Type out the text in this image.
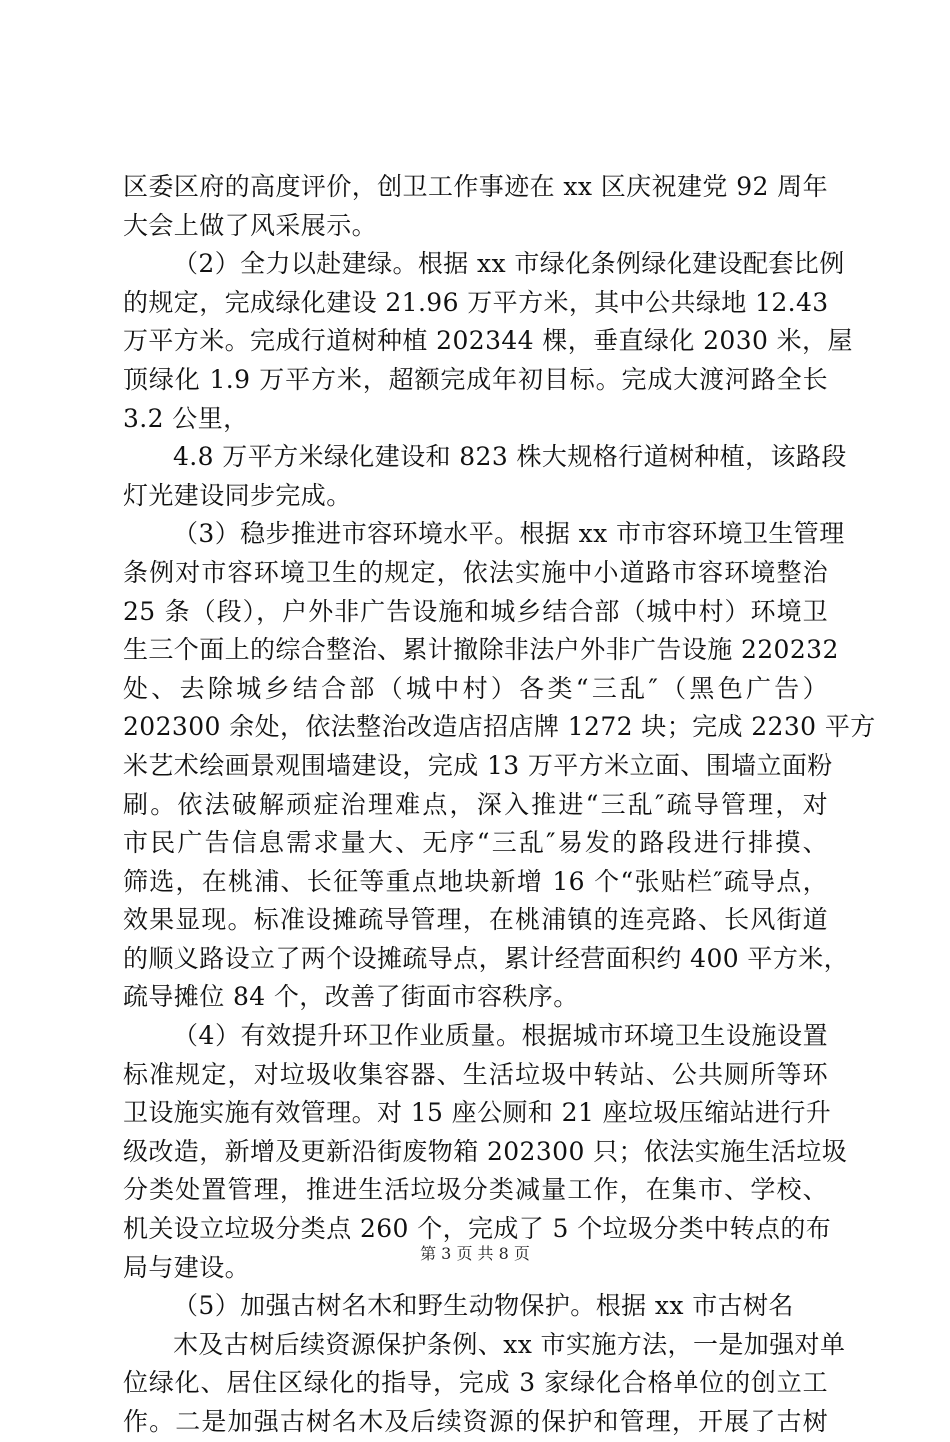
区委区府的高度评价，创卫工作事迹在 xx 区庆祝建党 92 周年
大会上做了风采展示。
（2）全力以赴建绿。根据 xx 市绿化条例绿化建设配套比例
的规定，完成绿化建设 21.96 万平方米，其中公共绿地 12.43
万平方米。完成行道树种植 202344 棵，垂直绿化 2030 米，屋
顶绿化 1.9 万平方米，超额完成年初目标。完成大渡河路全长
3.2 公里，
4.8 万平方米绿化建设和 823 株大规格行道树种植，该路段
灯光建设同步完成。
（3）稳步推进市容环境水平。根据 xx 市市容环境卫生管理
条例对市容环境卫生的规定，依法实施中小道路市容环境整治
25 条（段），户外非广告设施和城乡结合部（城中村）环境卫
生三个面上的综合整治、累计撤除非法户外非广告设施 220232
处、去除城乡结合部（城中村）各类“三乱″（黑色广告）
202300 余处，依法整治改造店招店牌 1272 块；完成 2230 平方
米艺术绘画景观围墙建设，完成 13 万平方米立面、围墙立面粉
刷。依法破解顽症治理难点，深入推进“三乱″疏导管理，对
市民广告信息需求量大、无序“三乱″易发的路段进行排摸、
筛选，在桃浦、长征等重点地块新增 16 个“张贴栏″疏导点，
效果显现。标准设摊疏导管理，在桃浦镇的连亮路、长风街道
的顺义路设立了两个设摊疏导点，累计经营面积约 400 平方米，
疏导摊位 84 个，改善了街面市容秩序。
（4）有效提升环卫作业质量。根据城市环境卫生设施设置
标准规定，对垃圾收集容器、生活垃圾中转站、公共厕所等环
卫设施实施有效管理。对 15 座公厕和 21 座垃圾压缩站进行升
级改造，新增及更新沿街废物箱 202300 只；依法实施生活垃圾
分类处置管理，推进生活垃圾分类减量工作，在集市、学校、
机关设立垃圾分类点 260 个，完成了 5 个垃圾分类中转点的布
局与建设。
（5）加强古树名木和野生动物保护。根据 xx 市古树名
木及古树后续资源保护条例、xx 市实施方法，一是加强对单
位绿化、居住区绿化的指导，完成 3 家绿化合格单位的创立工
作。二是加强古树名木及后续资源的保护和管理，开展了古树
第 3 页 共 8 页
